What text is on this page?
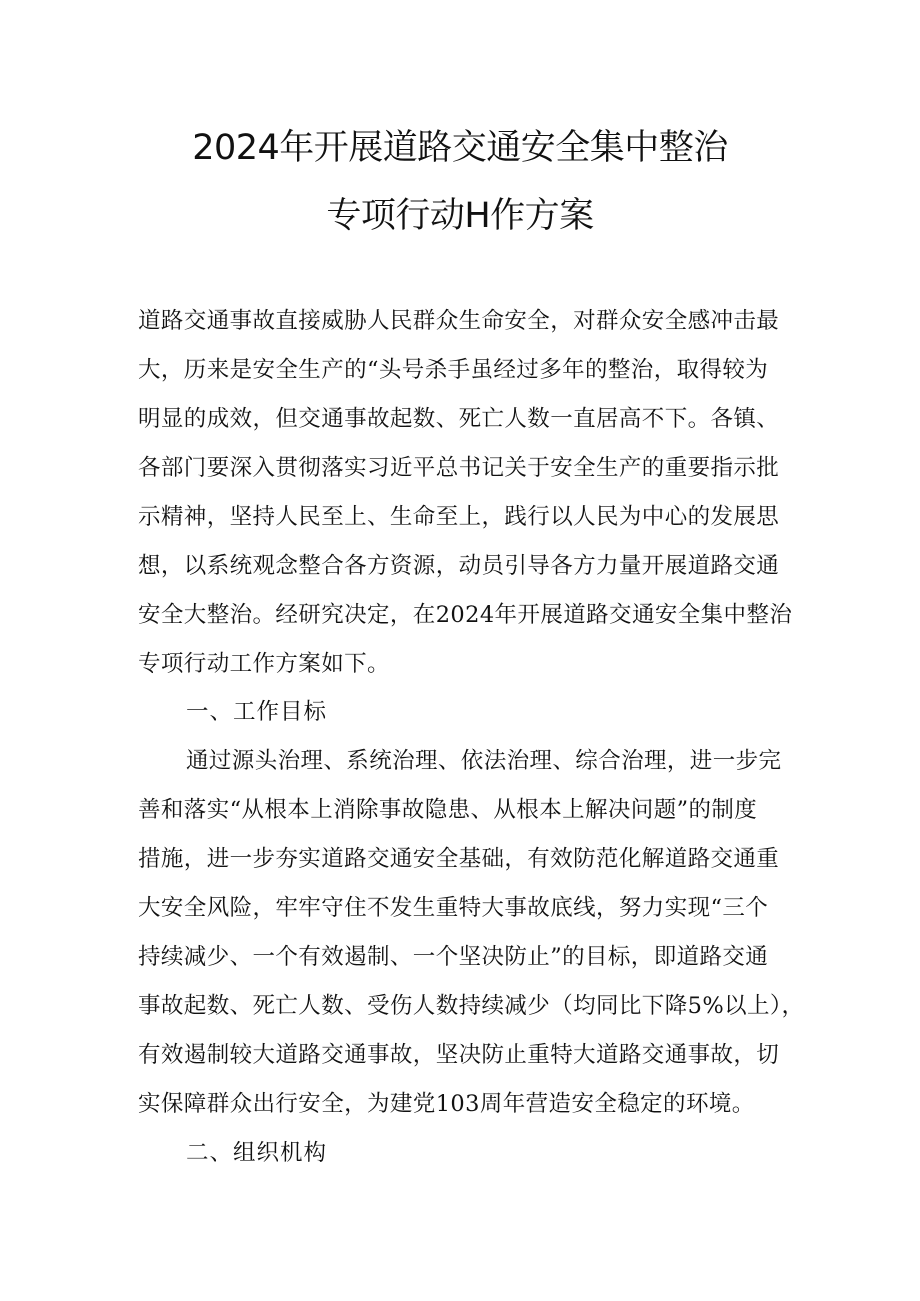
2024年开展道路交通安全集中整治
专项行动H作方案

道路交通事故直接威胁人民群众生命安全，对群众安全感冲击最

大，历来是安全生产的“头号杀手虽经过多年的整治，取得较为

明显的成效，但交通事故起数、死亡人数一直居高不下。各镇、

各部门要深入贯彻落实习近平总书记关于安全生产的重要指示批

示精神，坚持人民至上、生命至上，践行以人民为中心的发展思

想，以系统观念整合各方资源，动员引导各方力量开展道路交通

安全大整治。经研究决定，在2024年开展道路交通安全集中整治

专项行动工作方案如下。

一、工作目标

通过源头治理、系统治理、依法治理、综合治理，进一步完

善和落实“从根本上消除事故隐患、从根本上解决问题”的制度

措施，进一步夯实道路交通安全基础，有效防范化解道路交通重

大安全风险，牢牢守住不发生重特大事故底线，努力实现“三个

持续减少、一个有效遏制、一个坚决防止”的目标，即道路交通

事故起数、死亡人数、受伤人数持续减少（均同比下降5%以上），

有效遏制较大道路交通事故，坚决防止重特大道路交通事故，切

实保障群众出行安全，为建党103周年营造安全稳定的环境。

二、组织机构
